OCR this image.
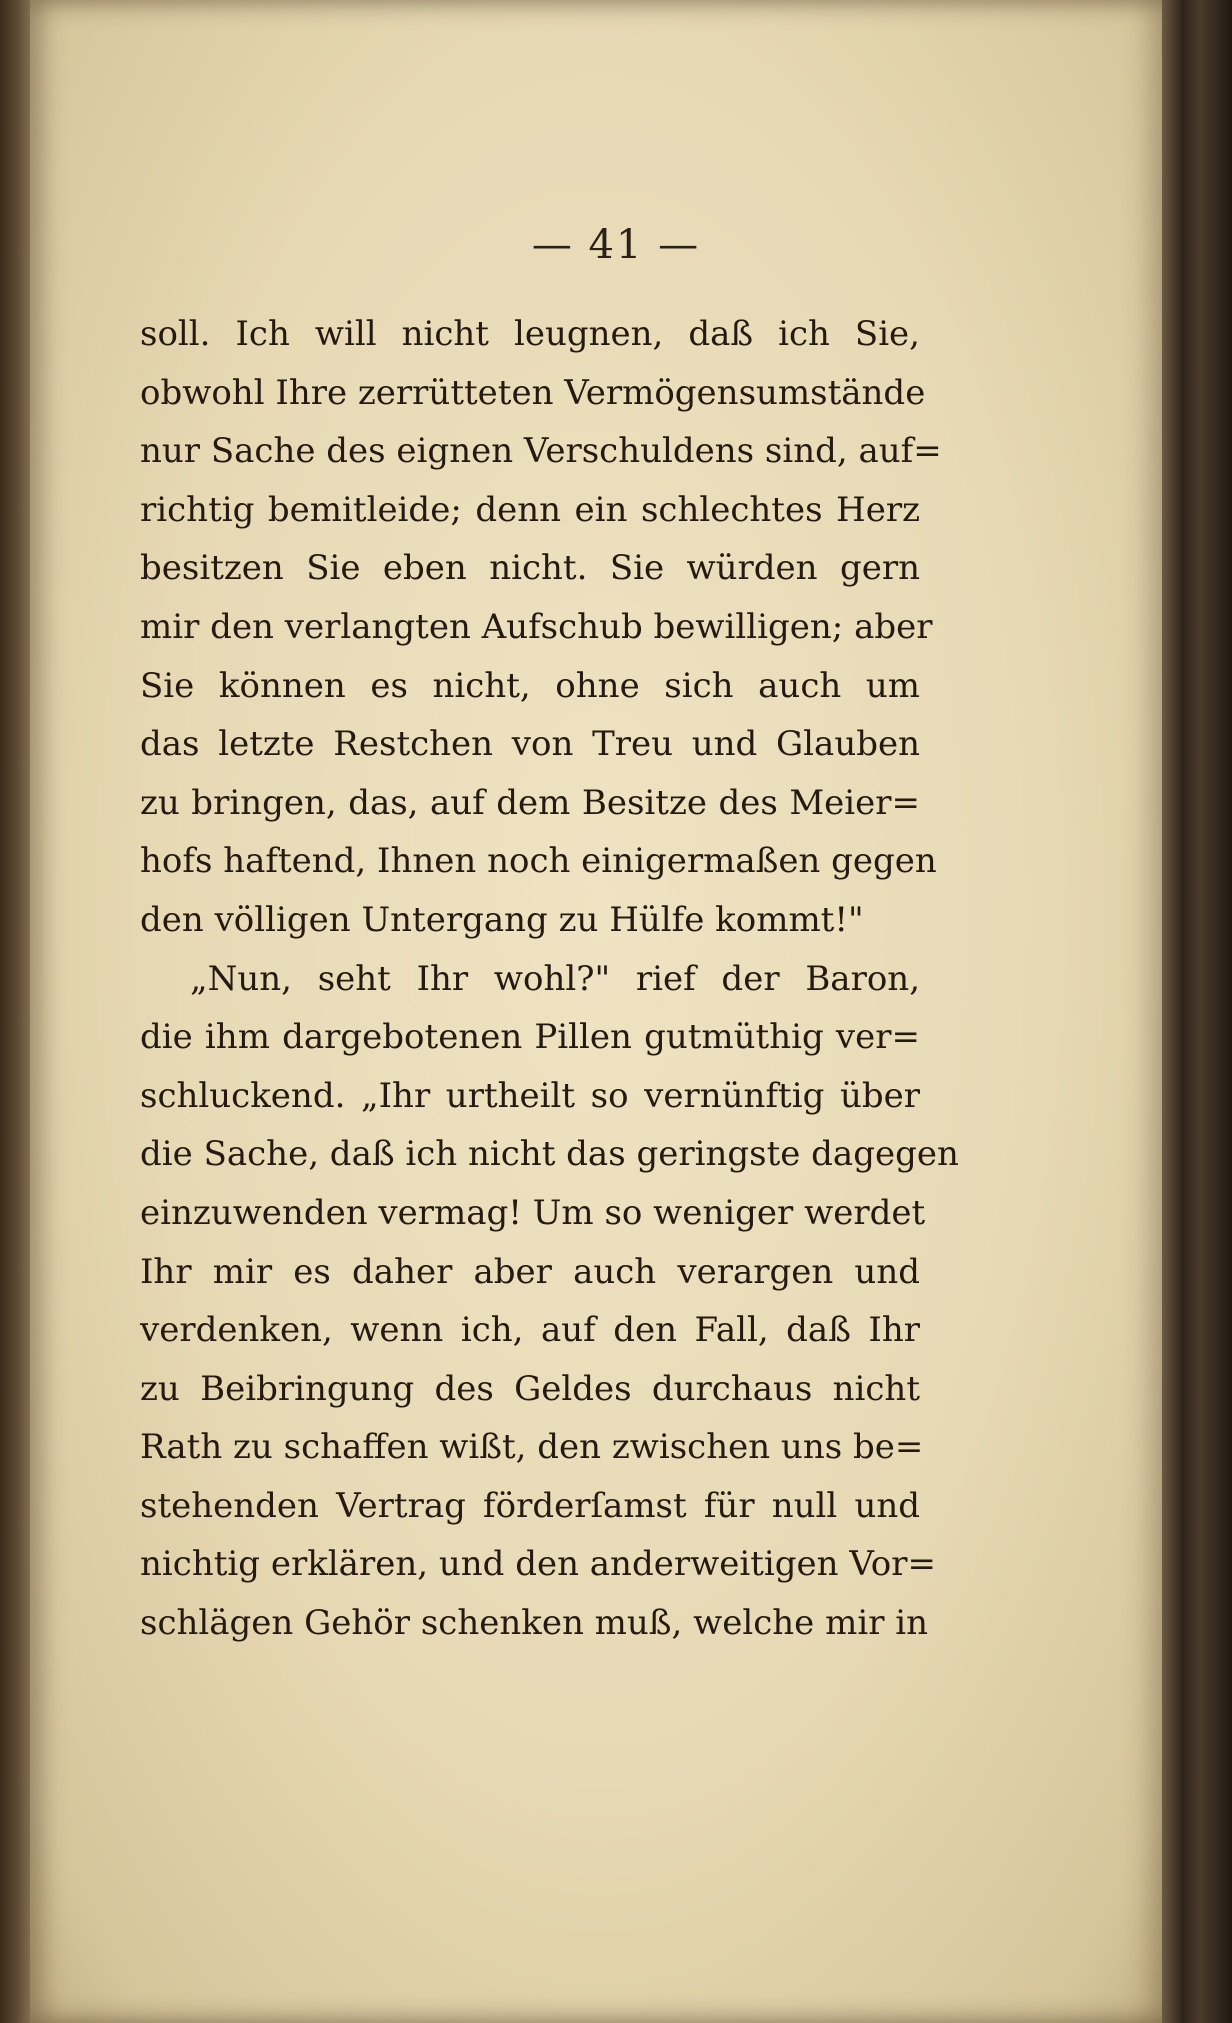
— 41 —
soll. Ich will nicht leugnen, daß ich Sie,
obwohl Ihre zerrütteten Vermögensumstände
nur Sache des eignen Verschuldens sind, auf=
richtig bemitleide; denn ein schlechtes Herz
besitzen Sie eben nicht. Sie würden gern
mir den verlangten Aufschub bewilligen; aber
Sie können es nicht, ohne sich auch um
das letzte Restchen von Treu und Glauben
zu bringen, das, auf dem Besitze des Meier=
hofs haftend, Ihnen noch einigermaßen gegen
den völligen Untergang zu Hülfe kommt!"
„Nun, seht Ihr wohl?" rief der Baron,
die ihm dargebotenen Pillen gutmüthig ver=
schluckend. „Ihr urtheilt so vernünftig über
die Sache, daß ich nicht das geringste dagegen
einzuwenden vermag! Um so weniger werdet
Ihr mir es daher aber auch verargen und
verdenken, wenn ich, auf den Fall, daß Ihr
zu Beibringung des Geldes durchaus nicht
Rath zu schaffen wißt, den zwischen uns be=
stehenden Vertrag förderſamst für null und
nichtig erklären, und den anderweitigen Vor=
schlägen Gehör schenken muß, welche mir in
